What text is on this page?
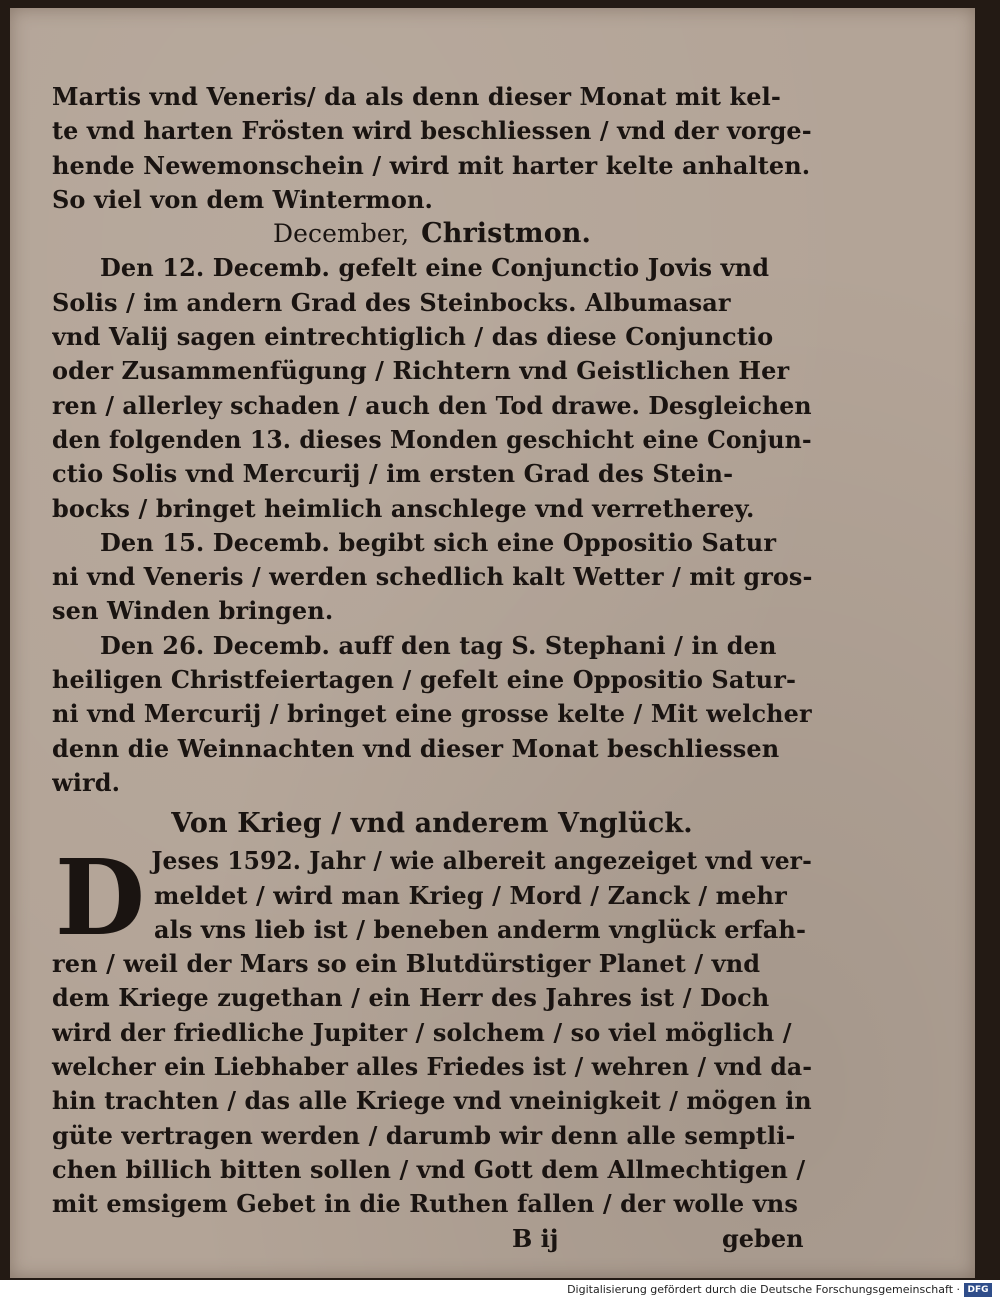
Martis vnd Veneris/ da als denn dieser Monat mit kel-
te vnd harten Frösten wird beschliessen / vnd der vorge-
hende Newemonschein / wird mit harter kelte anhalten.
So viel von dem Wintermon.
December, Christmon.
Den 12. Decemb. gefelt eine Conjunctio Jovis vnd
Solis / im andern Grad des Steinbocks. Albumasar
vnd Valij sagen eintrechtiglich / das diese Conjunctio
oder Zusammenfügung / Richtern vnd Geistlichen Her
ren / allerley schaden / auch den Tod drawe. Desgleichen
den folgenden 13. dieses Monden geschicht eine Conjun-
ctio Solis vnd Mercurij / im ersten Grad des Stein-
bocks / bringet heimlich anschlege vnd verretherey.
Den 15. Decemb. begibt sich eine Oppositio Satur
ni vnd Veneris / werden schedlich kalt Wetter / mit gros-
sen Winden bringen.
Den 26. Decemb. auff den tag S. Stephani / in den
heiligen Christfeiertagen / gefelt eine Oppositio Satur-
ni vnd Mercurij / bringet eine grosse kelte / Mit welcher
denn die Weinnachten vnd dieser Monat beschliessen
wird.
Von Krieg / vnd anderem Vnglück.
D Jeses 1592. Jahr / wie albereit angezeiget vnd ver-
meldet / wird man Krieg / Mord / Zanck / mehr
als vns lieb ist / beneben anderm vnglück erfah-
ren / weil der Mars so ein Blutdürstiger Planet / vnd
dem Kriege zugethan / ein Herr des Jahres ist / Doch
wird der friedliche Jupiter / solchem / so viel möglich /
welcher ein Liebhaber alles Friedes ist / wehren / vnd da-
hin trachten / das alle Kriege vnd vneinigkeit / mögen in
güte vertragen werden / darumb wir denn alle semptli-
chen billich bitten sollen / vnd Gott dem Allmechtigen /
mit emsigem Gebet in die Ruthen fallen / der wolle vns
B ij	geben
Digitalisierung gefördert durch die Deutsche Forschungsgemeinschaft · DFG
